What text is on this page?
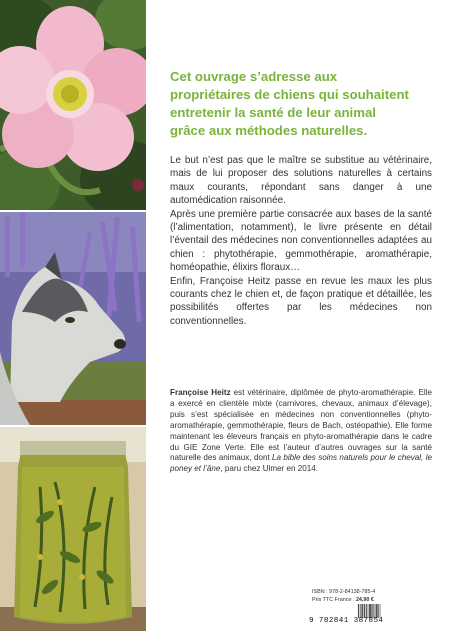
Cet ouvrage s’adresse aux
propriétaires de chiens qui souhaitent
entretenir la santé de leur animal
grâce aux méthodes naturelles.

Le but n’est pas que le maître se substitue au vétérinaire, mais de lui proposer des solutions naturelles à certains maux courants, répondant sans danger à une automédication raisonnée.

Après une première partie consacrée aux bases de la santé (l’alimentation, notamment), le livre présente en détail l’éventail des médecines non conventionnelles adaptées au chien : phytothérapie, gemmothérapie, aromathérapie, homéopathie, élixirs floraux…

Enfin, Françoise Heitz passe en revue les maux les plus courants chez le chien et, de façon pratique et détaillée, les possibilités offertes par les médecines non conventionnelles.

Françoise Heitz est vétérinaire, diplômée de phyto-aromathérapie. Elle a exercé en clientèle mixte (carnivores, chevaux, animaux d’élevage), puis s’est spécialisée en médecines non conventionnelles (phyto-aromathérapie, gemmothérapie, fleurs de Bach, ostéopathie). Elle forme maintenant les éleveurs français en phyto-aromathérapie dans le cadre du GIE Zone Verte. Elle est l’auteur d’autres ouvrages sur la santé naturelle des animaux, dont La bible des soins naturels pour le cheval, le poney et l’âne, paru chez Ulmer en 2014.

ISBN : 978-2-84138-785-4
Prix TTC France : 24,90 €
9 782841 387854
